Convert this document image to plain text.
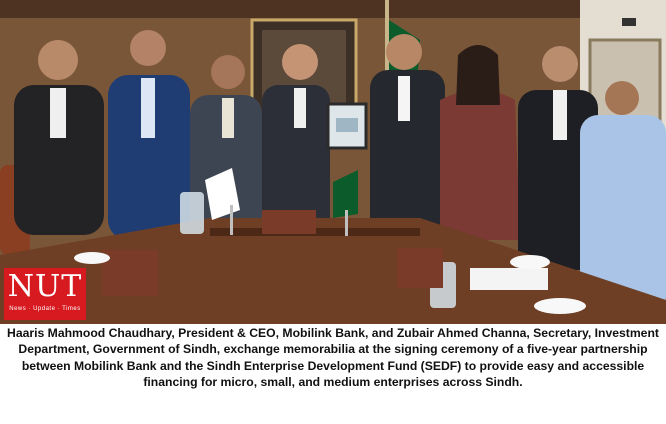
NUT
News · Update · Times

Haaris Mahmood Chaudhary, President & CEO, Mobilink Bank, and Zubair Ahmed Channa, Secretary, Investment Department, Government of Sindh, exchange memorabilia at the signing ceremony of a five-year partnership between Mobilink Bank and the Sindh Enterprise Development Fund (SEDF) to provide easy and accessible financing for micro, small, and medium enterprises across Sindh.
